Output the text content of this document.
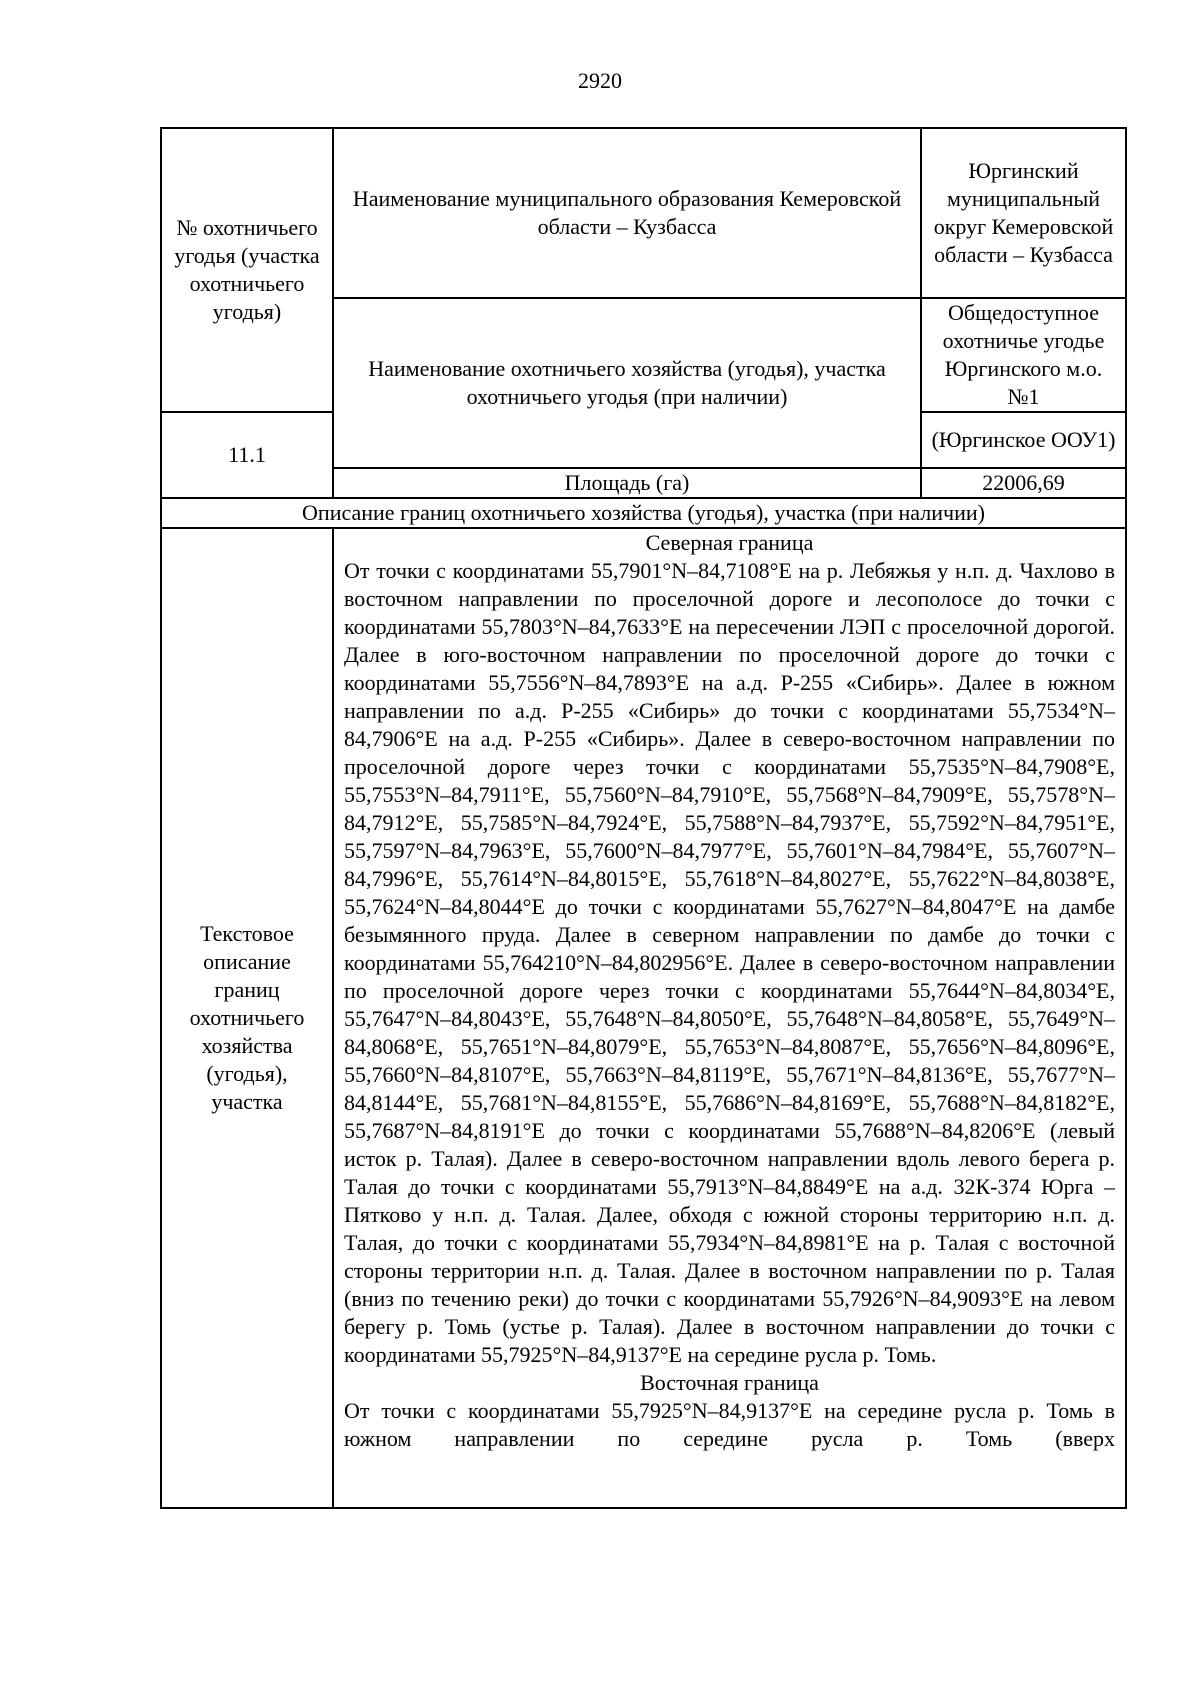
2920
№ охотничьего угодья (участка охотничьего угодья)	Наименование муниципального образования Кемеровской области – Кузбасса	Юргинский муниципальный округ Кемеровской области – Кузбасса
	Наименование охотничьего хозяйства (угодья), участка охотничьего угодья (при наличии)	Общедоступное охотничье угодье Юргинского м.о. №1
11.1		(Юргинское ООУ1)
	Площадь (га)	22006,69
Описание границ охотничьего хозяйства (угодья), участка (при наличии)		
Текстовое описание границ охотничьего хозяйства (угодья), участка	Северная граница
От точки с координатами 55,7901°N–84,7108°E на р. Лебяжья у н.п. д. Чахлово в восточном направлении по проселочной дороге и лесополосе до точки с координатами 55,7803°N–84,7633°E на пересечении ЛЭП с проселочной дорогой. Далее в юго-восточном направлении по проселочной дороге до точки с координатами 55,7556°N–84,7893°E на а.д. Р-255 «Сибирь». Далее в южном направлении по а.д. Р-255 «Сибирь» до точки с координатами 55,7534°N–84,7906°E на а.д. Р-255 «Сибирь». Далее в северо-восточном направлении по проселочной дороге через точки с координатами 55,7535°N–84,7908°E, 55,7553°N–84,7911°E, 55,7560°N–84,7910°E, 55,7568°N–84,7909°E, 55,7578°N–84,7912°E, 55,7585°N–84,7924°E, 55,7588°N–84,7937°E, 55,7592°N–84,7951°E, 55,7597°N–84,7963°E, 55,7600°N–84,7977°E, 55,7601°N–84,7984°E, 55,7607°N–84,7996°E, 55,7614°N–84,8015°E, 55,7618°N–84,8027°E, 55,7622°N–84,8038°E, 55,7624°N–84,8044°E до точки с координатами 55,7627°N–84,8047°E на дамбе безымянного пруда. Далее в северном направлении по дамбе до точки с координатами 55,764210°N–84,802956°E. Далее в северо-восточном направлении по проселочной дороге через точки с координатами 55,7644°N–84,8034°E, 55,7647°N–84,8043°E, 55,7648°N–84,8050°E, 55,7648°N–84,8058°E, 55,7649°N–84,8068°E, 55,7651°N–84,8079°E, 55,7653°N–84,8087°E, 55,7656°N–84,8096°E, 55,7660°N–84,8107°E, 55,7663°N–84,8119°E, 55,7671°N–84,8136°E, 55,7677°N–84,8144°E, 55,7681°N–84,8155°E, 55,7686°N–84,8169°E, 55,7688°N–84,8182°E, 55,7687°N–84,8191°E до точки с координатами 55,7688°N–84,8206°E (левый исток р. Талая). Далее в северо-восточном направлении вдоль левого берега р. Талая до точки с координатами 55,7913°N–84,8849°E на а.д. 32К-374 Юрга – Пятково у н.п. д. Талая. Далее, обходя с южной стороны территорию н.п. д. Талая, до точки с координатами 55,7934°N–84,8981°E на р. Талая с восточной стороны территории н.п. д. Талая. Далее в восточном направлении по р. Талая (вниз по течению реки) до точки с координатами 55,7926°N–84,9093°E на левом берегу р. Томь (устье р. Талая). Далее в восточном направлении до точки с координатами 55,7925°N–84,9137°E на середине русла р. Томь.
Восточная граница
От точки с координатами 55,7925°N–84,9137°E на середине русла р. Томь в южном направлении по середине русла р. Томь (вверх	
